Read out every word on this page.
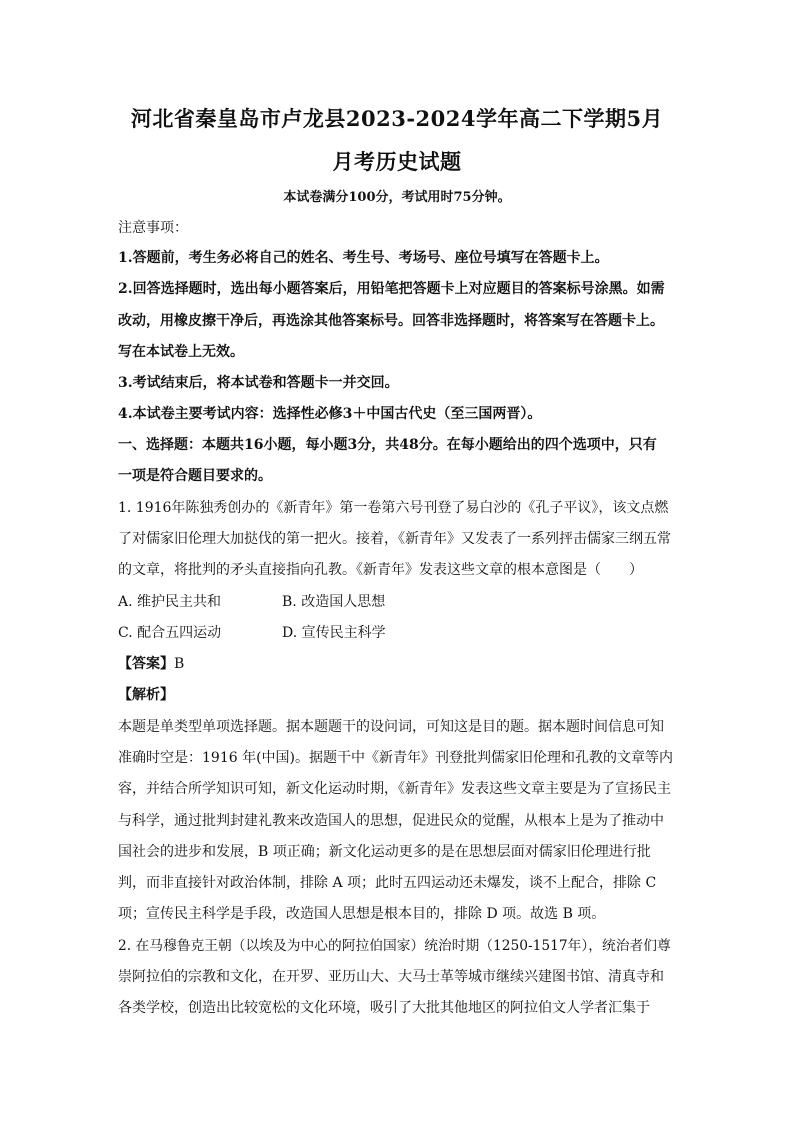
河北省秦皇岛市卢龙县2023-2024学年高二下学期5月
月考历史试题
本试卷满分100分，考试用时75分钟。
注意事项：
1.答题前，考生务必将自己的姓名、考生号、考场号、座位号填写在答题卡上。
2.回答选择题时，选出每小题答案后，用铅笔把答题卡上对应题目的答案标号涂黑。如需
改动，用橡皮擦干净后，再选涂其他答案标号。回答非选择题时，将答案写在答题卡上。
写在本试卷上无效。
3.考试结束后，将本试卷和答题卡一并交回。
4.本试卷主要考试内容：选择性必修3＋中国古代史（至三国两晋）。
一、选择题：本题共16小题，每小题3分，共48分。在每小题给出的四个选项中，只有
一项是符合题目要求的。
1. 1916年陈独秀创办的《新青年》第一卷第六号刊登了易白沙的《孔子平议》，该文点燃
了对儒家旧伦理大加挞伐的第一把火。接着，《新青年》又发表了一系列抨击儒家三纲五常
的文章，将批判的矛头直接指向孔教。《新青年》发表这些文章的根本意图是（　　）
A. 维护民主共和	B. 改造国人思想
C. 配合五四运动	D. 宣传民主科学
【答案】B
【解析】
本题是单类型单项选择题。据本题题干的设问词，可知这是目的题。据本题时间信息可知
准确时空是：1916 年(中国)。据题干中《新青年》刊登批判儒家旧伦理和孔教的文章等内
容，并结合所学知识可知，新文化运动时期，《新青年》发表这些文章主要是为了宣扬民主
与科学，通过批判封建礼教来改造国人的思想，促进民众的觉醒，从根本上是为了推动中
国社会的进步和发展，B 项正确；新文化运动更多的是在思想层面对儒家旧伦理进行批
判，而非直接针对政治体制，排除 A 项；此时五四运动还未爆发，谈不上配合，排除 C
项；宣传民主科学是手段，改造国人思想是根本目的，排除 D 项。故选 B 项。
2. 在马穆鲁克王朝（以埃及为中心的阿拉伯国家）统治时期（1250-1517年），统治者们尊
崇阿拉伯的宗教和文化，在开罗、亚历山大、大马士革等城市继续兴建图书馆、清真寺和
各类学校，创造出比较宽松的文化环境，吸引了大批其他地区的阿拉伯文人学者汇集于
